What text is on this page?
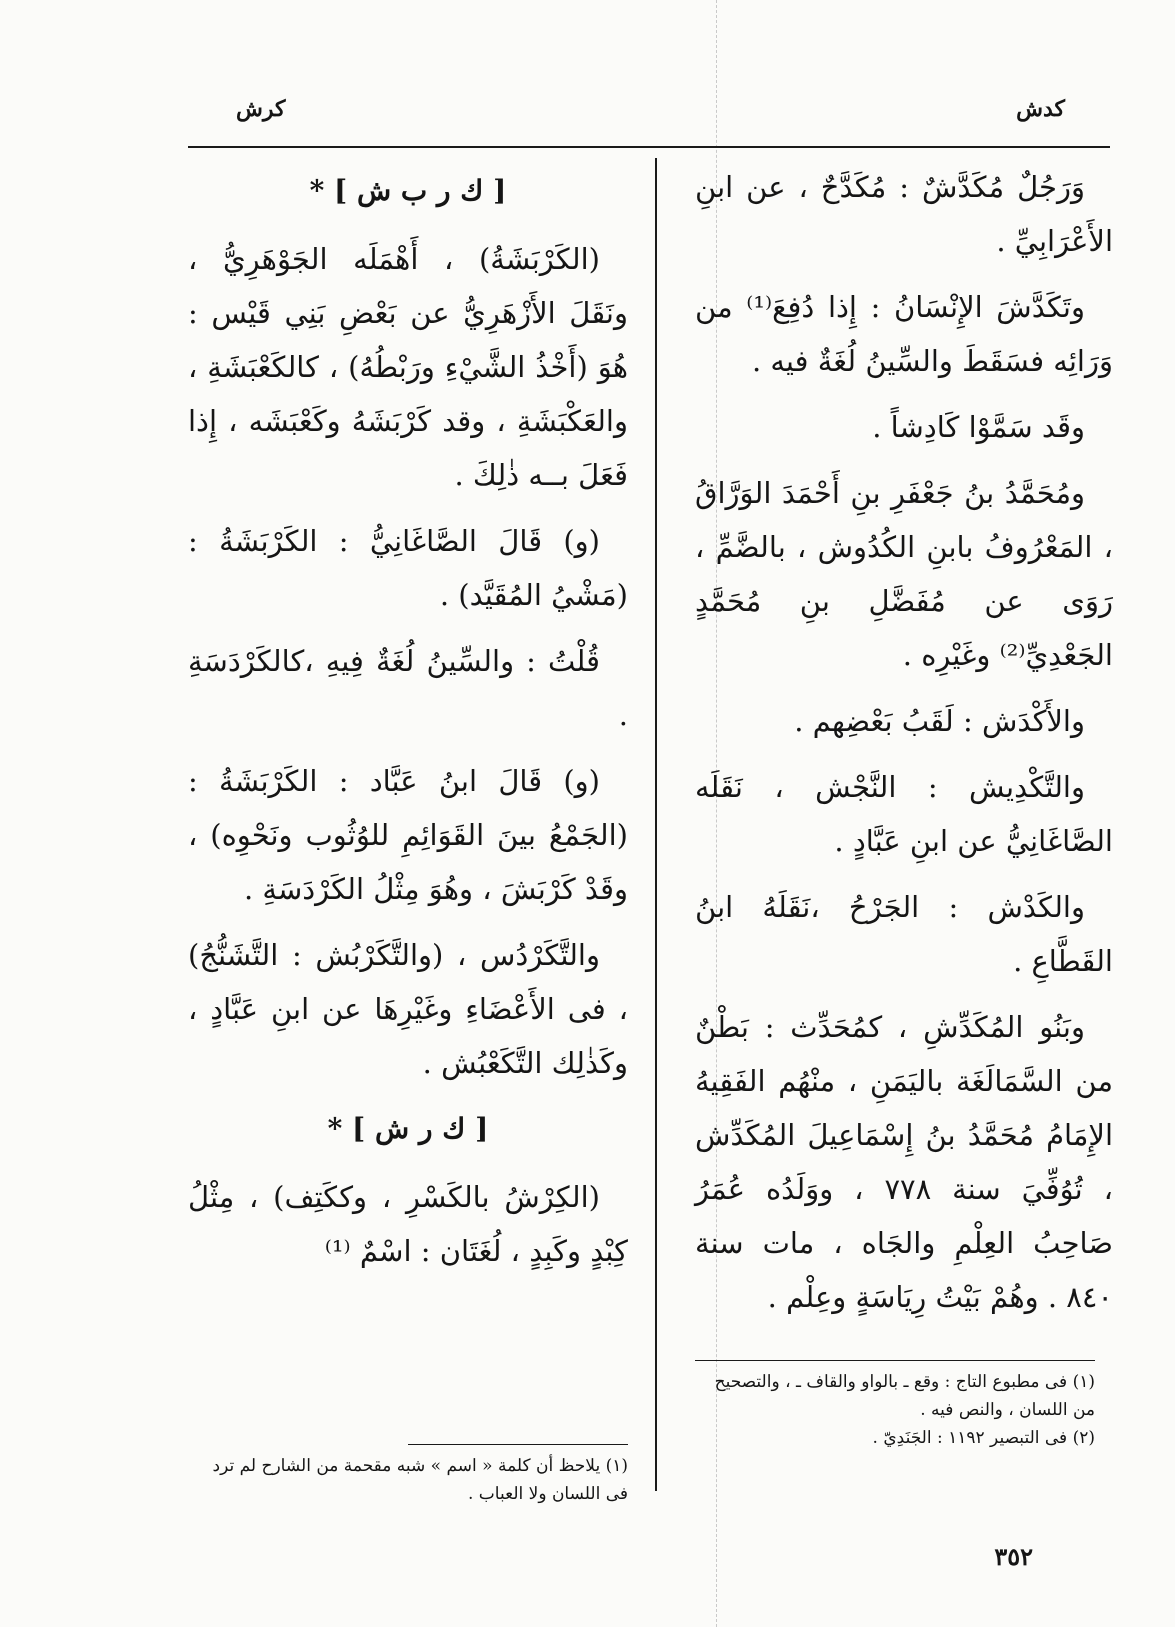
كدش
كرش

وَرَجُلٌ مُكَدَّشٌ : مُكَدَّحٌ ، عن ابنِ الأَعْرَابِيِّ .

وتَكَدَّشَ الإِنْسَانُ : إِذا دُفِعَ⁽¹⁾ من وَرَائِه فسَقَطَ والسِّينُ لُغَةٌ فيه .

وقَد سَمَّوْا كَادِشاً .

ومُحَمَّدُ بنُ جَعْفَرِ بنِ أَحْمَدَ الوَرَّاقُ ، المَعْرُوفُ بابنِ الكُدُوش ، بالضَّمِّ ، رَوَى عن مُفَضَّلِ بنِ مُحَمَّدٍ الجَعْدِيِّ⁽²⁾ وغَيْرِه .

والأَكْدَش : لَقَبُ بَعْضِهم .

والتَّكْدِيش : النَّجْش ، نَقَلَه الصَّاغَانِيُّ عن ابنِ عَبَّادٍ .

والكَدْش : الجَرْحُ ،نَقَلَهُ ابنُ القَطَّاعِ .

وبَنُو المُكَدِّشِ ، كمُحَدِّث : بَطْنٌ من السَّمَالَغَة باليَمَنِ ، منْهُم الفَقِيهُ الإِمَامُ مُحَمَّدُ بنُ إِسْمَاعِيلَ المُكَدِّش ، تُوُفِّيَ سنة ٧٧٨ ، ووَلَدُه عُمَرُ صَاحِبُ العِلْمِ والجَاه ، مات سنة ٨٤٠ . وهُمْ بَيْتُ رِيَاسَةٍ وعِلْم .

(١) فى مطبوع التاج : وقع ـ بالواو والقاف ـ ، والتصحيح من اللسان ، والنص فيه .

(٢) فى التبصير ١١٩٢ : الجَنَدِيّ .

[ ك ر ب ش ] *

(الكَرْبَشَةُ) ، أَهْمَلَه الجَوْهَرِيُّ ، ونَقَلَ الأَزْهَرِيُّ عن بَعْضِ بَنِي قَيْس : هُوَ (أَخْذُ الشَّيْءِ ورَبْطُهُ) ، كالكَعْبَشَةِ ، والعَكْبَشَةِ ، وقد كَرْبَشَهُ وكَعْبَشَه ، إِذا فَعَلَ بــه ذٰلِكَ .

(و) قَالَ الصَّاغَانِيُّ : الكَرْبَشَةُ : (مَشْيُ المُقَيَّد) .

قُلْتُ : والسِّينُ لُغَةٌ فِيهِ ،كالكَرْدَسَةِ .

(و) قَالَ ابنُ عَبَّاد : الكَرْبَشَةُ : (الجَمْعُ بينَ القَوَائِمِ للوُثُوب ونَحْوِه) ، وقَدْ كَرْبَشَ ، وهُوَ مِثْلُ الكَرْدَسَةِ .

والتَّكَرْدُس ، (والتَّكَرْبُش : التَّشَنُّجُ) ، فى الأَعْضَاءِ وغَيْرِهَا عن ابنِ عَبَّادٍ ، وكَذٰلِك التَّكَعْبُش .

[ ك ر ش ] *

(الكِرْشُ بالكَسْرِ ، وككَتِف) ، مِثْلُ كِبْدٍ وكَبِدٍ ، لُغَتَان : اسْمٌ ⁽¹⁾

(١) يلاحظ أن كلمة « اسم » شبه مقحمة من الشارح لم ترد فى اللسان ولا العباب .

٣٥٢
